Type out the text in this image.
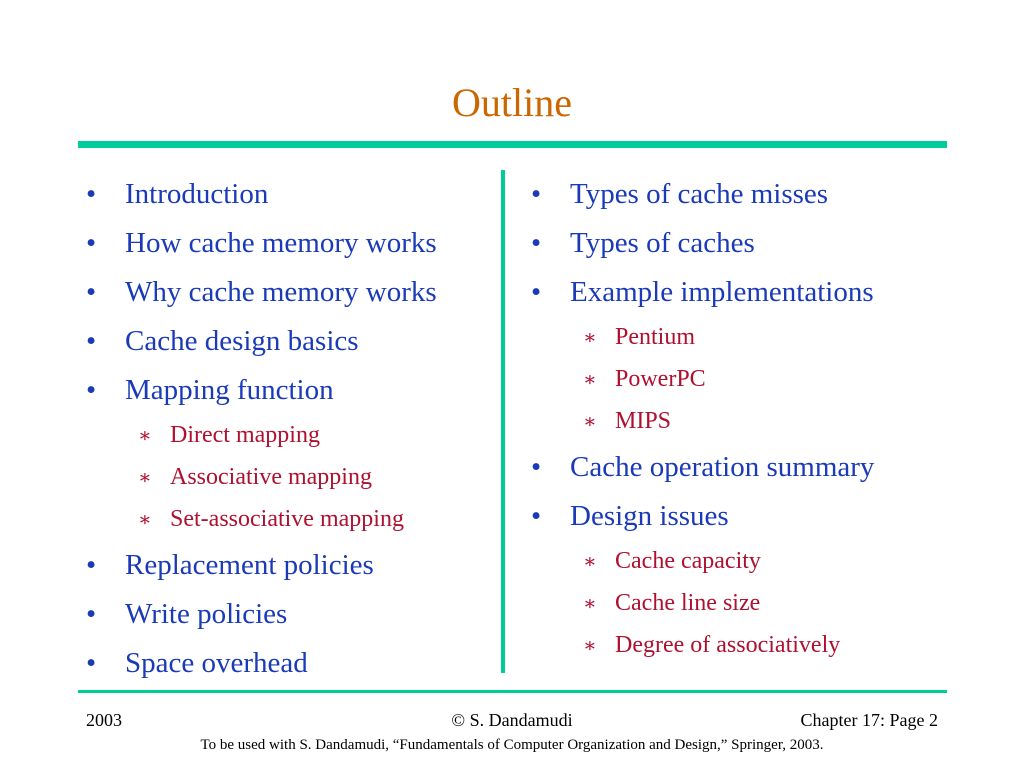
Outline
• Introduction
• How cache memory works
• Why cache memory works
• Cache design basics
• Mapping function
∗ Direct mapping
∗ Associative mapping
∗ Set-associative mapping
• Replacement policies
• Write policies
• Space overhead
• Types of cache misses
• Types of caches
• Example implementations
∗ Pentium
∗ PowerPC
∗ MIPS
• Cache operation summary
• Design issues
∗ Cache capacity
∗ Cache line size
∗ Degree of associatively
2003	© S. Dandamudi	Chapter 17: Page 2
To be used with S. Dandamudi, “Fundamentals of Computer Organization and Design,” Springer, 2003.
